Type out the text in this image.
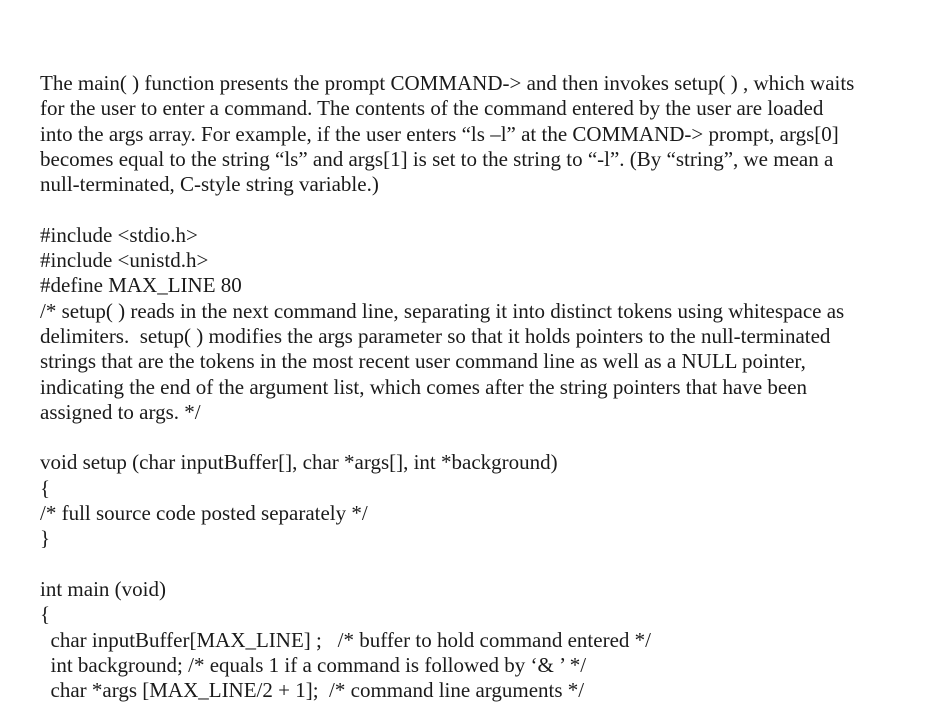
The main( ) function presents the prompt COMMAND-> and then invokes setup( ) , which waits
for the user to enter a command. The contents of the command entered by the user are loaded
into the args array. For example, if the user enters “ls –l” at the COMMAND-> prompt, args[0]
becomes equal to the string “ls” and args[1] is set to the string to “-l”. (By “string”, we mean a
null-terminated, C-style string variable.)
#include <stdio.h>
#include <unistd.h>
#define MAX_LINE 80
/* setup( ) reads in the next command line, separating it into distinct tokens using whitespace as
delimiters.  setup( ) modifies the args parameter so that it holds pointers to the null-terminated
strings that are the tokens in the most recent user command line as well as a NULL pointer,
indicating the end of the argument list, which comes after the string pointers that have been
assigned to args. */
void setup (char inputBuffer[], char *args[], int *background)
{
/* full source code posted separately */
}
int main (void)
{
char inputBuffer[MAX_LINE] ;   /* buffer to hold command entered */
int background; /* equals 1 if a command is followed by ‘& ’ */
char *args [MAX_LINE/2 + 1];  /* command line arguments */
